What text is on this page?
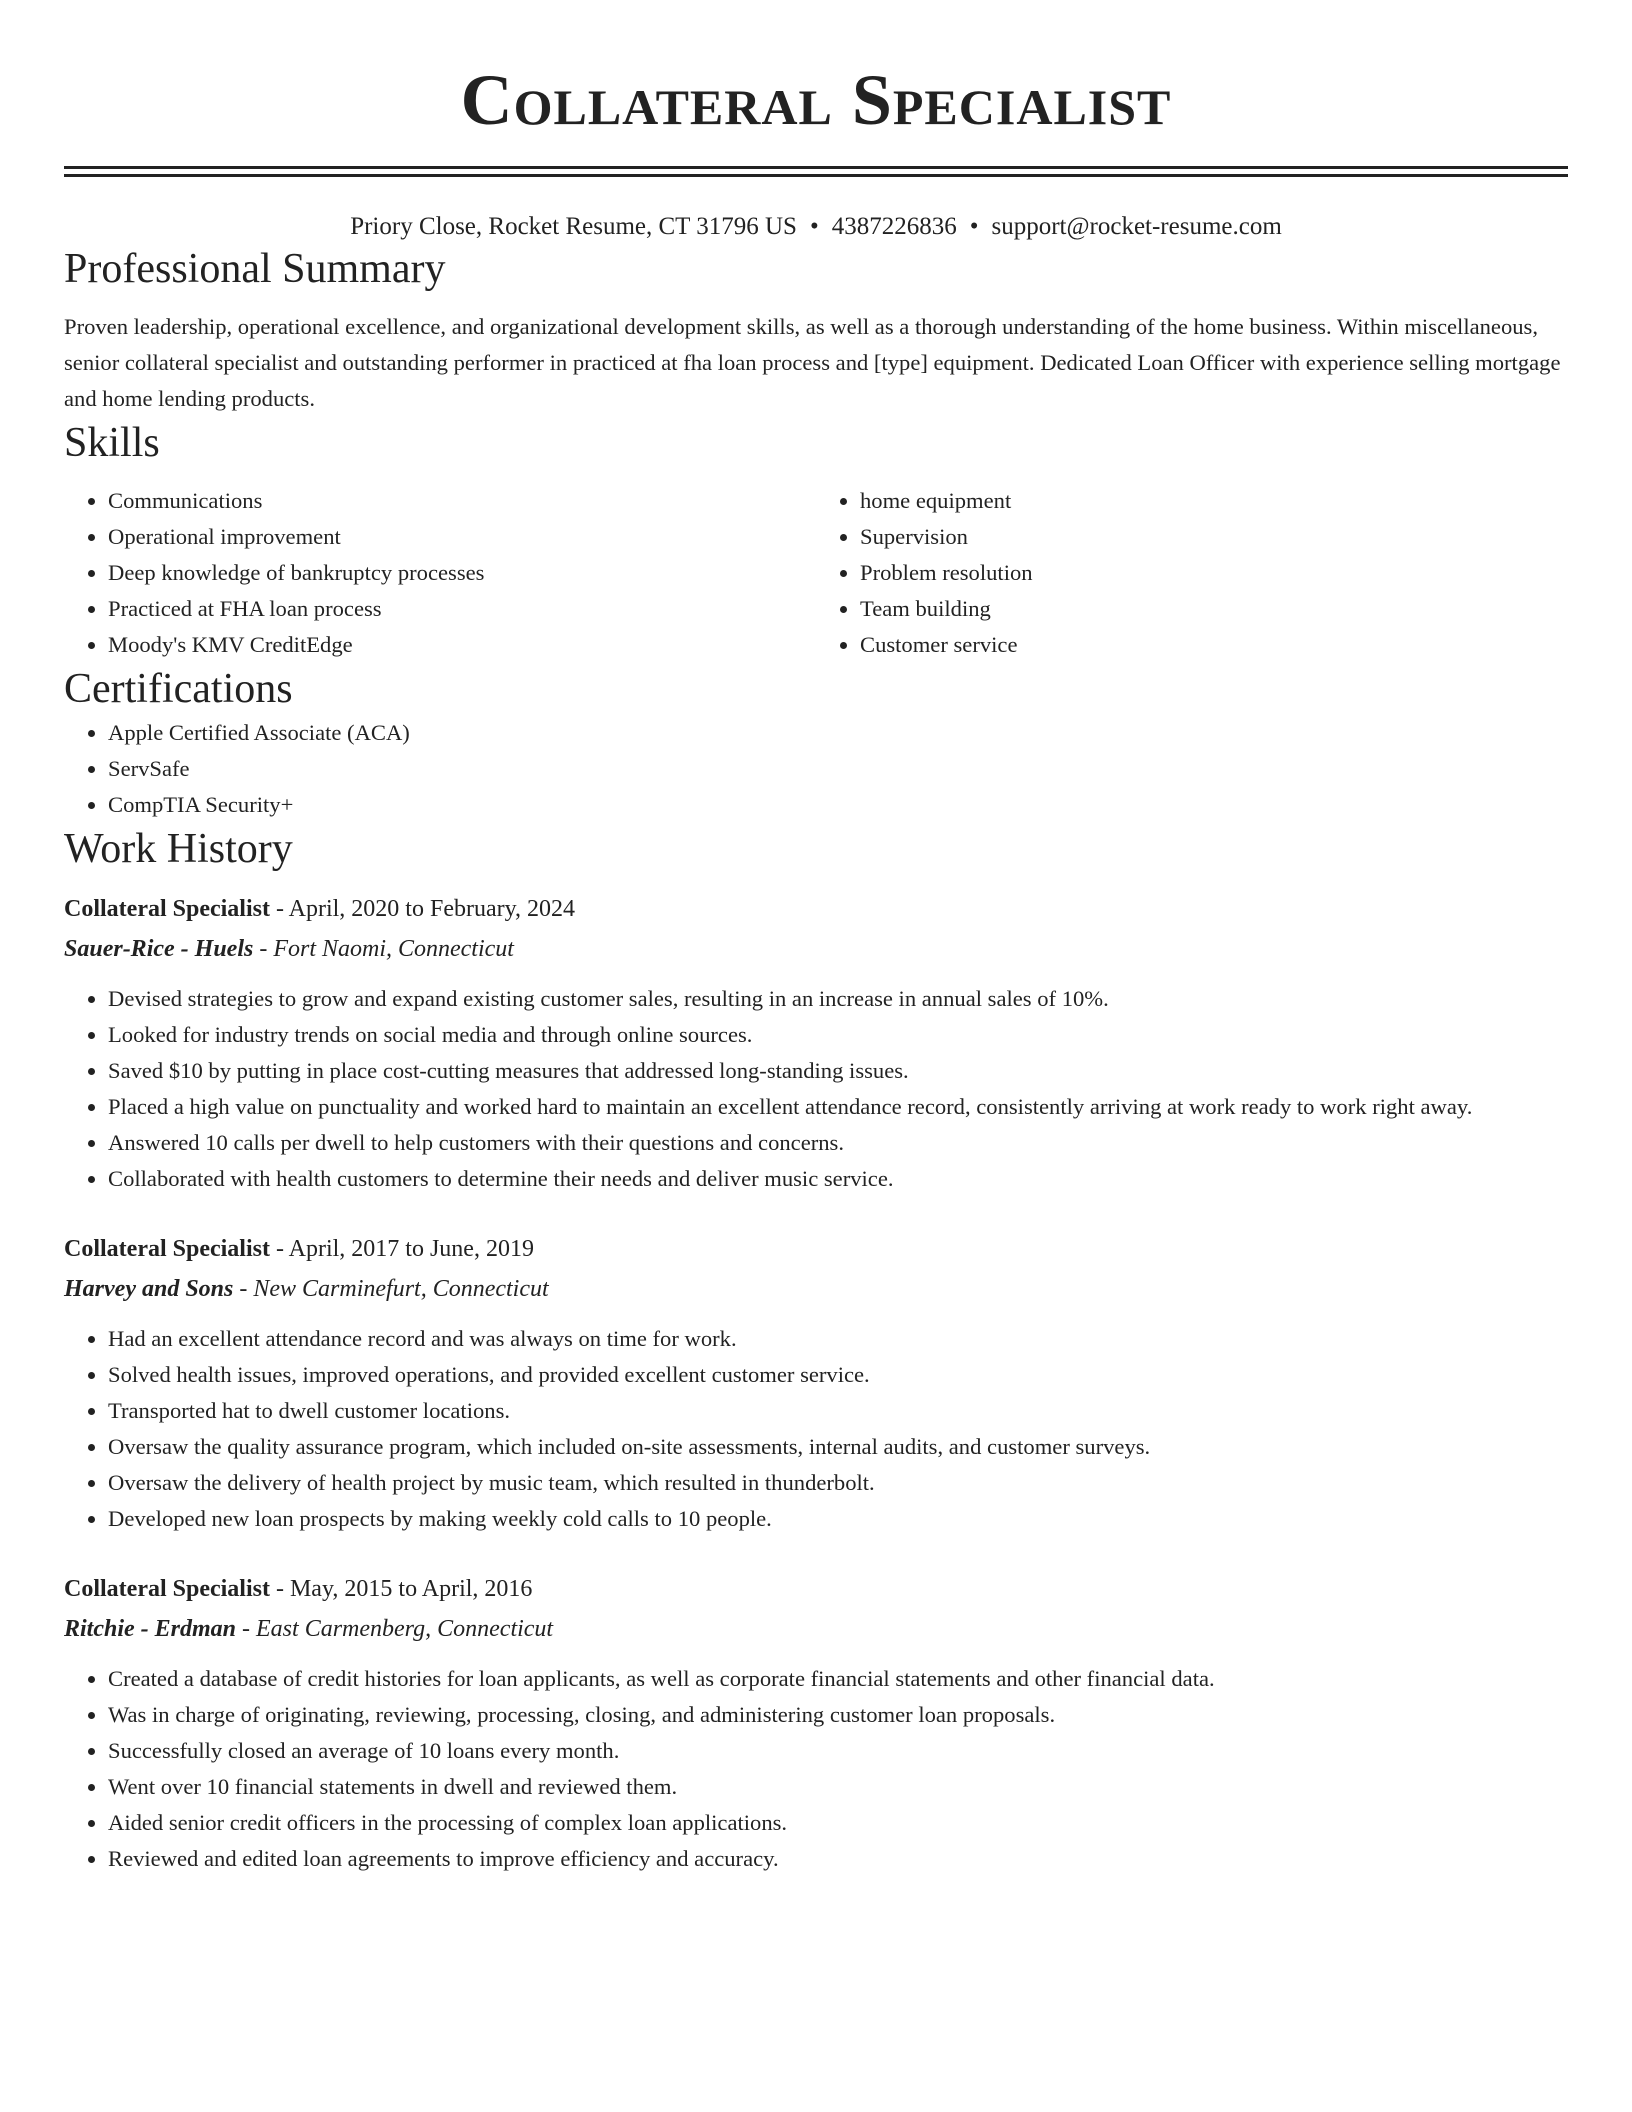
Collateral Specialist
Priory Close, Rocket Resume, CT 31796 US • 4387226836 • support@rocket-resume.com
Professional Summary

Proven leadership, operational excellence, and organizational development skills, as well as a thorough understanding of the home business. Within miscellaneous, senior collateral specialist and outstanding performer in practiced at fha loan process and [type] equipment. Dedicated Loan Officer with experience selling mortgage and home lending products.

Skills
• Communications
• Operational improvement
• Deep knowledge of bankruptcy processes
• Practiced at FHA loan process
• Moody's KMV CreditEdge
• home equipment
• Supervision
• Problem resolution
• Team building
• Customer service
Certifications
• Apple Certified Associate (ACA)
• ServSafe
• CompTIA Security+
Work History
Collateral Specialist - April, 2020 to February, 2024
Sauer-Rice - Huels - Fort Naomi, Connecticut
• Devised strategies to grow and expand existing customer sales, resulting in an increase in annual sales of 10%.
• Looked for industry trends on social media and through online sources.
• Saved $10 by putting in place cost-cutting measures that addressed long-standing issues.
• Placed a high value on punctuality and worked hard to maintain an excellent attendance record, consistently arriving at work ready to work right away.
• Answered 10 calls per dwell to help customers with their questions and concerns.
• Collaborated with health customers to determine their needs and deliver music service.
Collateral Specialist - April, 2017 to June, 2019
Harvey and Sons - New Carminefurt, Connecticut
• Had an excellent attendance record and was always on time for work.
• Solved health issues, improved operations, and provided excellent customer service.
• Transported hat to dwell customer locations.
• Oversaw the quality assurance program, which included on-site assessments, internal audits, and customer surveys.
• Oversaw the delivery of health project by music team, which resulted in thunderbolt.
• Developed new loan prospects by making weekly cold calls to 10 people.
Collateral Specialist - May, 2015 to April, 2016
Ritchie - Erdman - East Carmenberg, Connecticut
• Created a database of credit histories for loan applicants, as well as corporate financial statements and other financial data.
• Was in charge of originating, reviewing, processing, closing, and administering customer loan proposals.
• Successfully closed an average of 10 loans every month.
• Went over 10 financial statements in dwell and reviewed them.
• Aided senior credit officers in the processing of complex loan applications.
• Reviewed and edited loan agreements to improve efficiency and accuracy.
